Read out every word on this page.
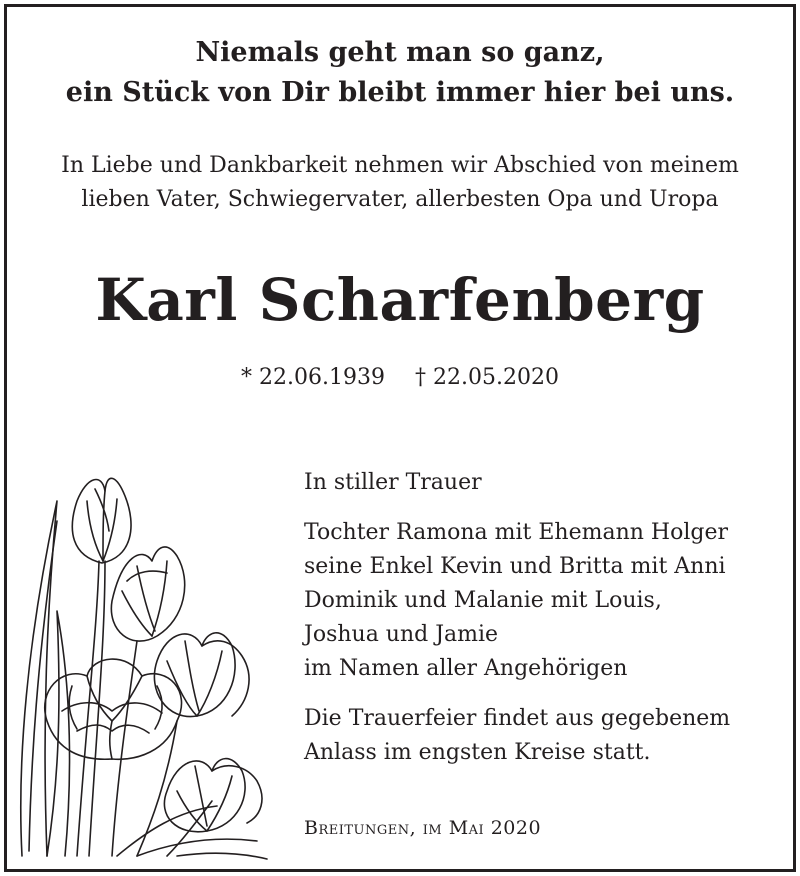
Niemals geht man so ganz,
ein Stück von Dir bleibt immer hier bei uns.
In Liebe und Dankbarkeit nehmen wir Abschied von meinem
lieben Vater, Schwiegervater, allerbesten Opa und Uropa
Karl Scharfenberg
* 22.06.1939 † 22.05.2020
In stiller Trauer
Tochter Ramona mit Ehemann Holger
seine Enkel Kevin und Britta mit Anni
Dominik und Malanie mit Louis,
Joshua und Jamie
im Namen aller Angehörigen
Die Trauerfeier findet aus gegebenem
Anlass im engsten Kreise statt.
Breitungen, im Mai 2020
